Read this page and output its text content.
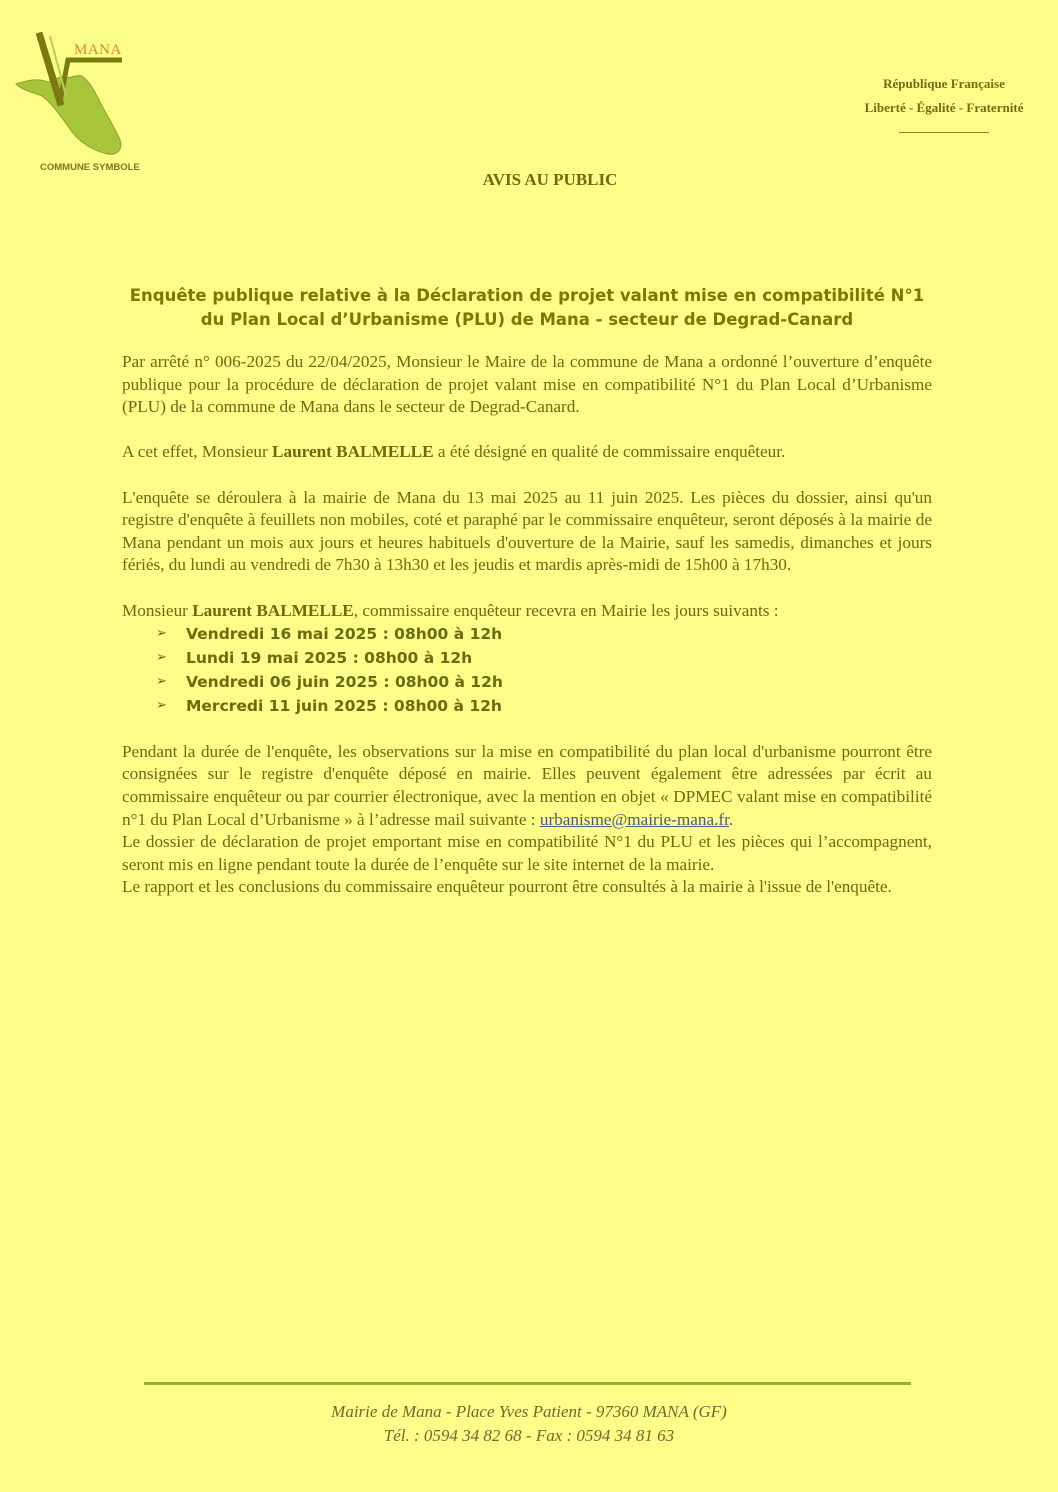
MANA
COMMUNE SYMBOLE
République Française
Liberté - Égalité - Fraternité
AVIS AU PUBLIC
Enquête publique relative à la Déclaration de projet valant mise en compatibilité N°1 du Plan Local d’Urbanisme (PLU) de Mana - secteur de Degrad-Canard

Par arrêté n° 006-2025 du 22/04/2025, Monsieur le Maire de la commune de Mana a ordonné l’ouverture d’enquête publique pour la procédure de déclaration de projet valant mise en compatibilité N°1 du Plan Local d’Urbanisme (PLU) de la commune de Mana dans le secteur de Degrad-Canard.

A cet effet, Monsieur Laurent BALMELLE a été désigné en qualité de commissaire enquêteur.

L'enquête se déroulera à la mairie de Mana du 13 mai 2025 au 11 juin 2025. Les pièces du dossier, ainsi qu'un registre d'enquête à feuillets non mobiles, coté et paraphé par le commissaire enquêteur, seront déposés à la mairie de Mana pendant un mois aux jours et heures habituels d'ouverture de la Mairie, sauf les samedis, dimanches et jours fériés, du lundi au vendredi de 7h30 à 13h30 et les jeudis et mardis après-midi de 15h00 à 17h30.

Monsieur Laurent BALMELLE, commissaire enquêteur recevra en Mairie les jours suivants :

➢	Vendredi 16 mai 2025 : 08h00 à 12h
➢	Lundi 19 mai 2025 : 08h00 à 12h
➢	Vendredi 06 juin 2025 : 08h00 à 12h
➢	Mercredi 11 juin 2025 : 08h00 à 12h

Pendant la durée de l'enquête, les observations sur la mise en compatibilité du plan local d'urbanisme pourront être consignées sur le registre d'enquête déposé en mairie. Elles peuvent également être adressées par écrit au commissaire enquêteur ou par courrier électronique, avec la mention en objet « DPMEC valant mise en compatibilité n°1 du Plan Local d’Urbanisme » à l’adresse mail suivante : urbanisme@mairie-mana.fr.

Le dossier de déclaration de projet emportant mise en compatibilité N°1 du PLU et les pièces qui l’accompagnent, seront mis en ligne pendant toute la durée de l’enquête sur le site internet de la mairie.

Le rapport et les conclusions du commissaire enquêteur pourront être consultés à la mairie à l'issue de l'enquête.

Mairie de Mana - Place Yves Patient - 97360 MANA (GF)
Tél. : 0594 34 82 68 - Fax : 0594 34 81 63
